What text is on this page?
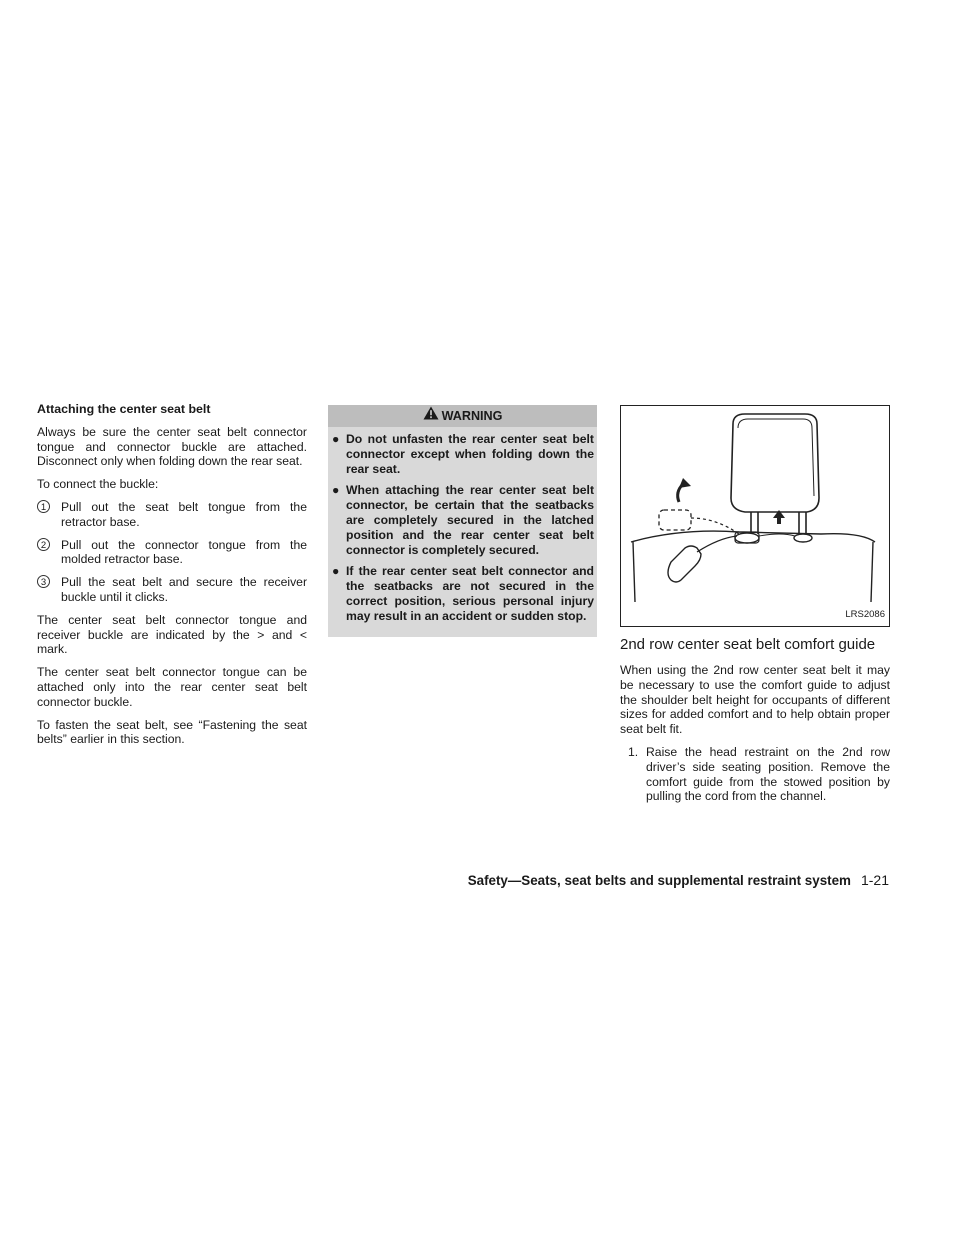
Attaching the center seat belt

Always be sure the center seat belt connector tongue and connector buckle are attached. Disconnect only when folding down the rear seat.

To connect the buckle:

1	Pull out the seat belt tongue from the retractor base.
2	Pull out the connector tongue from the molded retractor base.
3	Pull the seat belt and secure the receiver buckle until it clicks.

The center seat belt connector tongue and receiver buckle are indicated by the > and < mark.

The center seat belt connector tongue can be attached only into the rear center seat belt connector buckle.

To fasten the seat belt, see “Fastening the seat belts” earlier in this section.

WARNING
● Do not unfasten the rear center seat belt connector except when folding down the rear seat.
● When attaching the rear center seat belt connector, be certain that the seatbacks are completely secured in the latched position and the rear center seat belt connector is completely secured.
● If the rear center seat belt connector and the seatbacks are not secured in the correct position, serious personal injury may result in an accident or sudden stop.	LRS2086
2nd row center seat belt comfort guide

When using the 2nd row center seat belt it may be necessary to use the comfort guide to adjust the shoulder belt height for occupants of different sizes for added comfort and to help obtain proper seat belt fit.

1. Raise the head restraint on the 2nd row driver’s side seating position. Remove the comfort guide from the stowed position by pulling the cord from the channel.
Safety—Seats, seat belts and supplemental restraint system 1-21
